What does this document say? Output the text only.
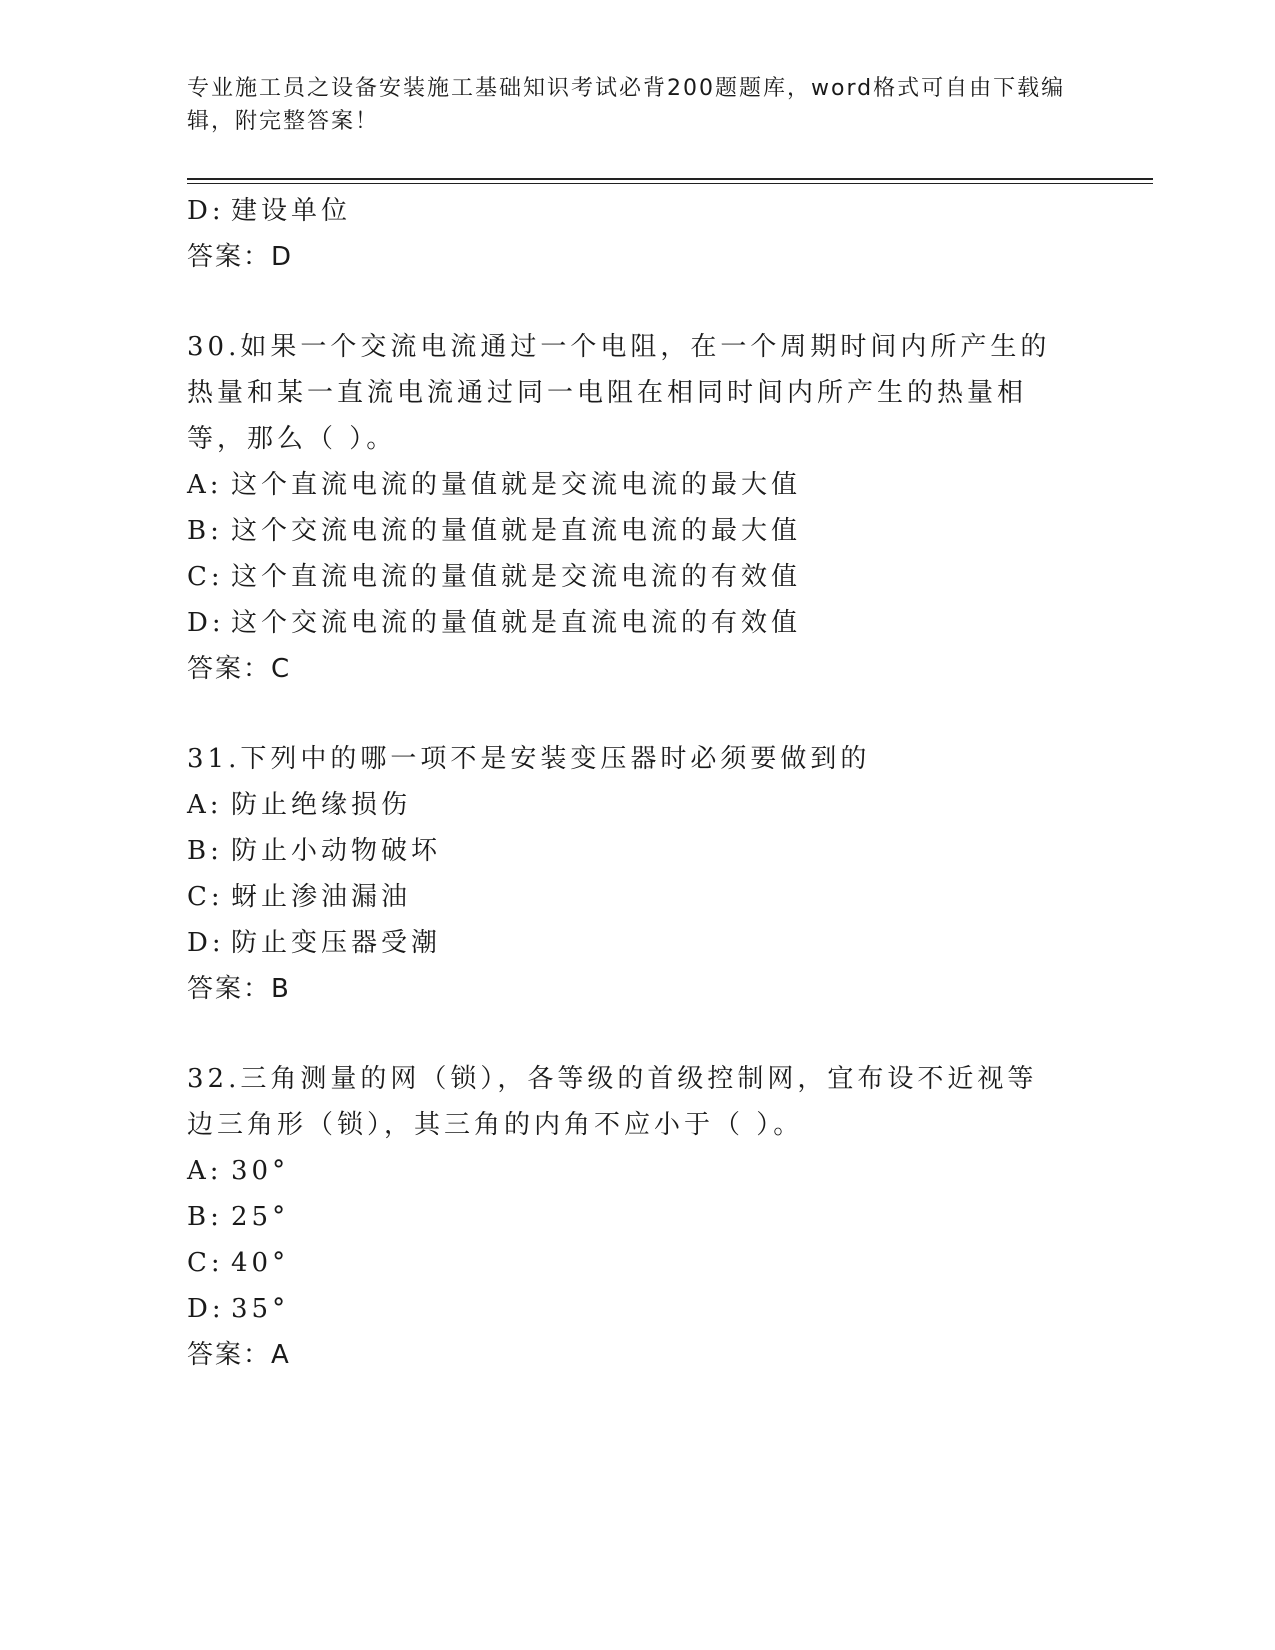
专业施工员之设备安装施工基础知识考试必背200题题库，word格式可自由下载编辑，附完整答案！
D: 建设单位
答案：D
30.如果一个交流电流通过一个电阻，在一个周期时间内所产生的热量和某一直流电流通过同一电阻在相同时间内所产生的热量相等，那么（ ）。
A: 这个直流电流的量值就是交流电流的最大值
B: 这个交流电流的量值就是直流电流的最大值
C: 这个直流电流的量值就是交流电流的有效值
D: 这个交流电流的量值就是直流电流的有效值
答案：C
31.下列中的哪一项不是安装变压器时必须要做到的
A: 防止绝缘损伤
B: 防止小动物破坏
C: 蚜止渗油漏油
D: 防止变压器受潮
答案：B
32.三角测量的网（锁），各等级的首级控制网，宜布设不近视等边三角形（锁），其三角的内角不应小于（ ）。
A: 30°
B: 25°
C: 40°
D: 35°
答案：A
